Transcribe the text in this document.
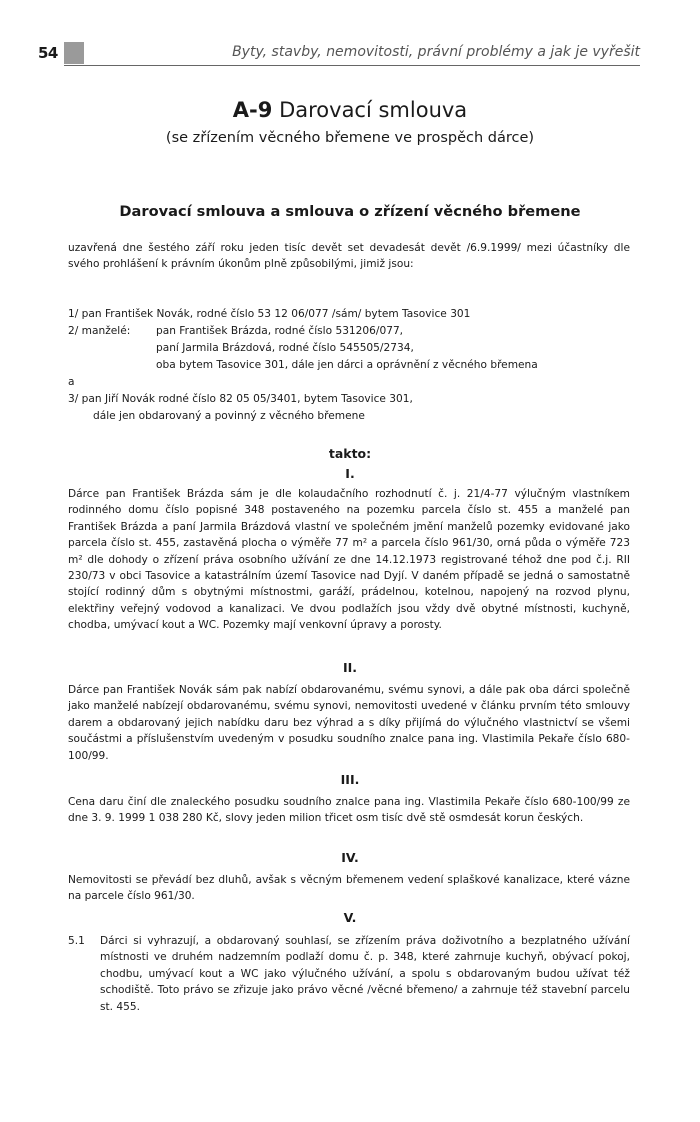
54	Byty, stavby, nemovitosti, právní problémy a jak je vyřešit
A-9 Darovací smlouva
(se zřízením věcného břemene ve prospěch dárce)
Darovací smlouva a smlouva o zřízení věcného břemene
uzavřená dne šestého září roku jeden tisíc devět set devadesát devět /6.9.1999/ mezi účastníky dle svého prohlášení k právním úkonům plně způsobilými, jimiž jsou:
1/ pan František Novák, rodné číslo 53 12 06/077 /sám/ bytem Tasovice 301
2/ manželé: pan František Brázda, rodné číslo 531206/077,
paní Jarmila Brázdová, rodné číslo 545505/2734,
oba bytem Tasovice 301, dále jen dárci a oprávnění z věcného břemena
a
3/ pan Jiří Novák rodné číslo 82 05 05/3401, bytem Tasovice 301,
dále jen obdarovaný a povinný z věcného břemene
takto:
I.
Dárce pan František Brázda sám je dle kolaudačního rozhodnutí č. j. 21/4-77 výlučným vlastníkem rodinného domu číslo popisné 348 postaveného na pozemku parcela číslo st. 455 a manželé pan František Brázda a paní Jarmila Brázdová vlastní ve společném jmění manželů pozemky evidované jako parcela číslo st. 455, zastavěná plocha o výměře 77 m² a parcela číslo 961/30, orná půda o výměře 723 m² dle dohody o zřízení práva osobního užívání ze dne 14.12.1973 registrované téhož dne pod č.j. RII 230/73 v obci Tasovice a katastrálním území Tasovice nad Dyjí. V daném případě se jedná o samostatně stojící rodinný dům s obytnými místnostmi, garáží, prádelnou, kotelnou, napojený na rozvod plynu, elektřiny veřejný vodovod a kanalizaci. Ve dvou podlažích jsou vždy dvě obytné místnosti, kuchyně, chodba, umývací kout a WC. Pozemky mají venkovní úpravy a porosty.
II.
Dárce pan František Novák sám pak nabízí obdarovanému, svému synovi, a dále pak oba dárci společně jako manželé nabízejí obdarovanému, svému synovi, nemovitosti uvedené v článku prvním této smlouvy darem a obdarovaný jejich nabídku daru bez výhrad a s díky přijímá do výlučného vlastnictví se všemi součástmi a příslušenstvím uvedeným v posudku soudního znalce pana ing. Vlastimila Pekaře číslo 680-100/99.
III.
Cena daru činí dle znaleckého posudku soudního znalce pana ing. Vlastimila Pekaře číslo 680-100/99 ze dne 3. 9. 1999 1 038 280 Kč, slovy jeden milion třicet osm tisíc dvě stě osmdesát korun českých.
IV.
Nemovitosti se převádí bez dluhů, avšak s věcným břemenem vedení splaškové kanalizace, které vázne na parcele číslo 961/30.
V.
5.1 Dárci si vyhrazují, a obdarovaný souhlasí, se zřízením práva doživotního a bezplatného užívání místnosti ve druhém nadzemním podlaží domu č. p. 348, které zahrnuje kuchyň, obývací pokoj, chodbu, umývací kout a WC jako výlučného užívání, a spolu s obdarovaným budou užívat též schodiště. Toto právo se zřizuje jako právo věcné /věcné břemeno/ a zahrnuje též stavební parcelu st. 455.
